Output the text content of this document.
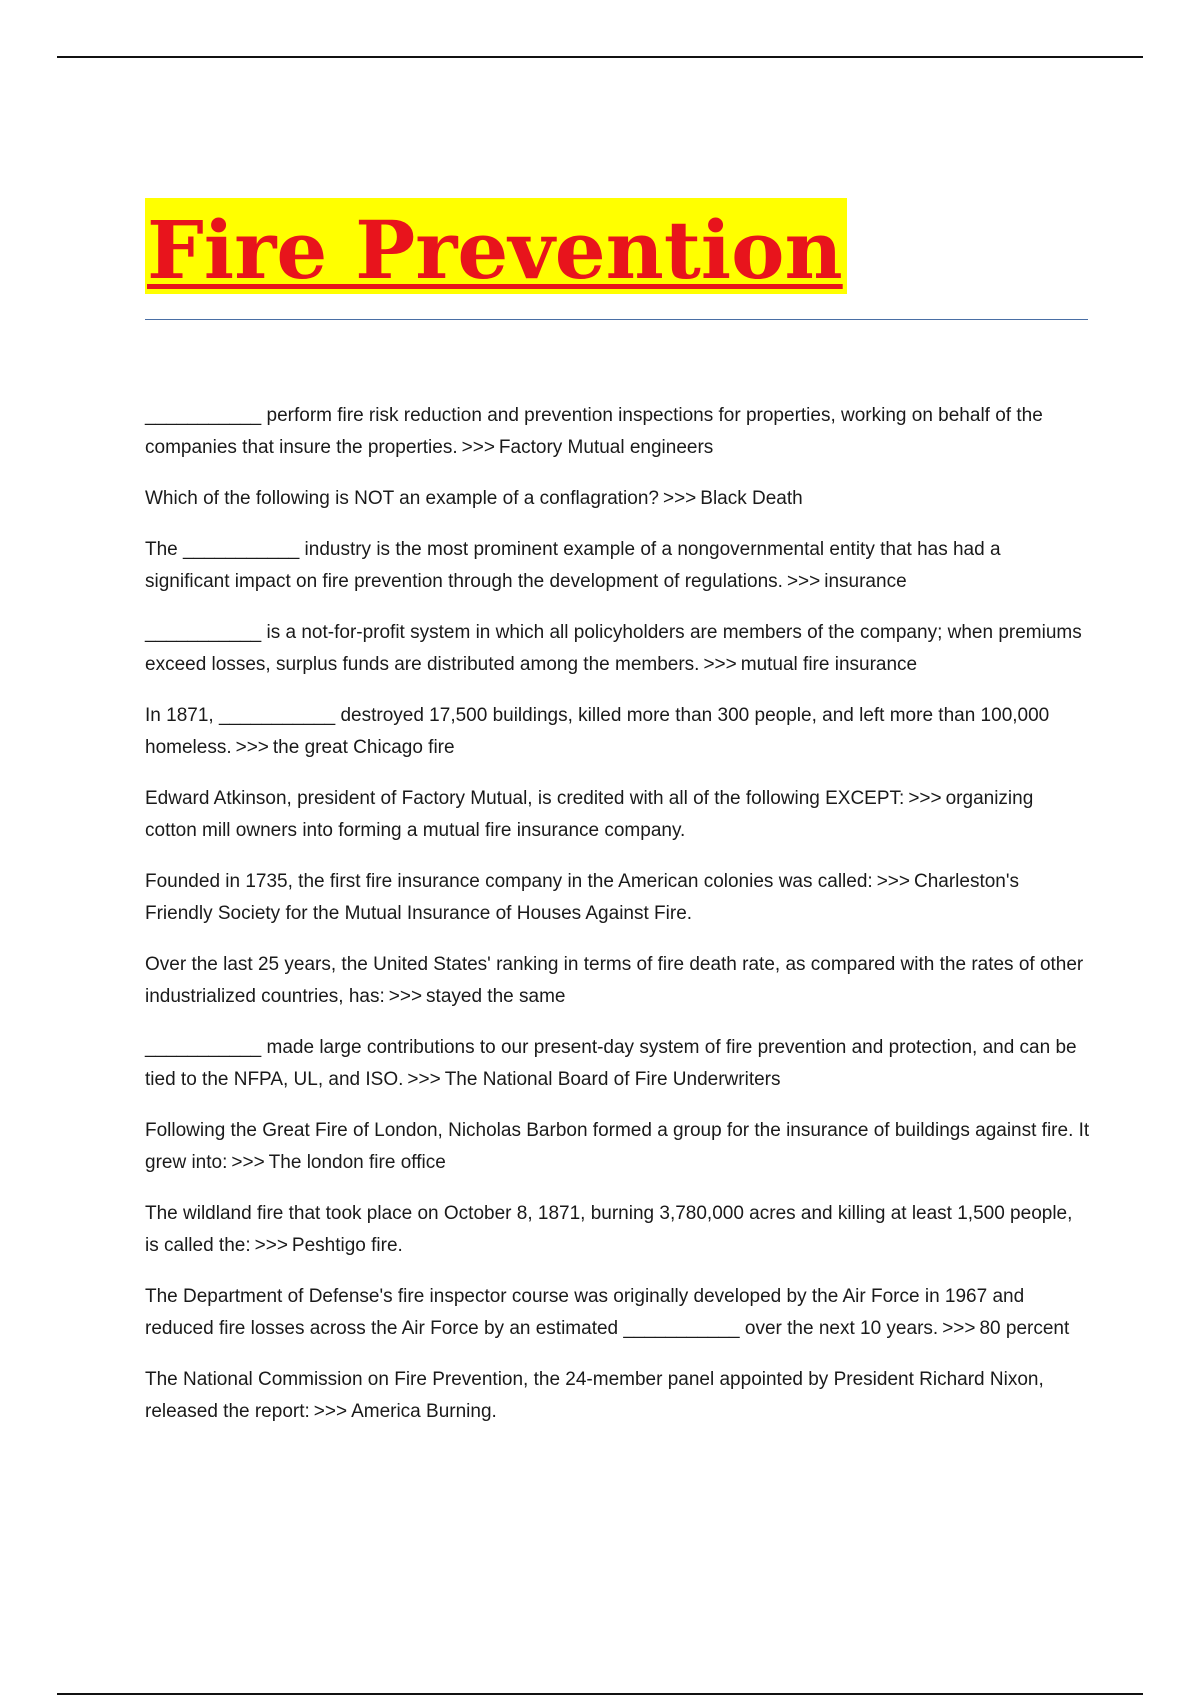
Fire Prevention

___________ perform fire risk reduction and prevention inspections for properties, working on behalf of the companies that insure the properties. >>> Factory Mutual engineers

Which of the following is NOT an example of a conflagration? >>> Black Death

The ___________ industry is the most prominent example of a nongovernmental entity that has had a significant impact on fire prevention through the development of regulations. >>> insurance

___________ is a not-for-profit system in which all policyholders are members of the company; when premiums exceed losses, surplus funds are distributed among the members. >>> mutual fire insurance

In 1871, ___________ destroyed 17,500 buildings, killed more than 300 people, and left more than 100,000 homeless. >>> the great Chicago fire

Edward Atkinson, president of Factory Mutual, is credited with all of the following EXCEPT: >>> organizing cotton mill owners into forming a mutual fire insurance company.

Founded in 1735, the first fire insurance company in the American colonies was called: >>> Charleston's Friendly Society for the Mutual Insurance of Houses Against Fire.

Over the last 25 years, the United States' ranking in terms of fire death rate, as compared with the rates of other industrialized countries, has: >>> stayed the same

___________ made large contributions to our present-day system of fire prevention and protection, and can be tied to the NFPA, UL, and ISO. >>> The National Board of Fire Underwriters

Following the Great Fire of London, Nicholas Barbon formed a group for the insurance of buildings against fire. It grew into: >>> The london fire office

The wildland fire that took place on October 8, 1871, burning 3,780,000 acres and killing at least 1,500 people, is called the: >>> Peshtigo fire.

The Department of Defense's fire inspector course was originally developed by the Air Force in 1967 and reduced fire losses across the Air Force by an estimated ___________ over the next 10 years. >>> 80 percent

The National Commission on Fire Prevention, the 24-member panel appointed by President Richard Nixon, released the report: >>> America Burning.
